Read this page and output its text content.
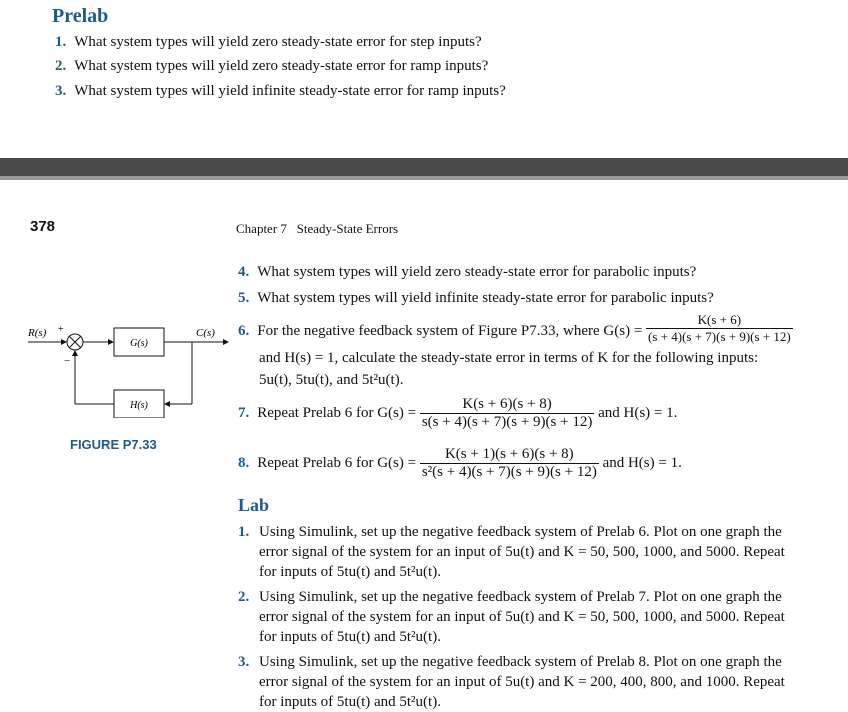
Prelab
1. What system types will yield zero steady-state error for step inputs?
2. What system types will yield zero steady-state error for ramp inputs?
3. What system types will yield infinite steady-state error for ramp inputs?
378	Chapter 7 Steady-State Errors
4. What system types will yield zero steady-state error for parabolic inputs?
5. What system types will yield infinite steady-state error for parabolic inputs?
6. For the negative feedback system of Figure P7.33, where $G(s) = \frac{K(s + 6)}{(s + 4)(s + 7)(s + 9)(s + 12)}$
and H(s) = 1, calculate the steady-state error in terms of K for the following inputs:
5u(t), 5tu(t), and 5t²u(t).
7. Repeat Prelab 6 for $G(s) = \frac{K(s + 6)(s + 8)}{s(s + 4)(s + 7)(s + 9)(s + 12)}$ and H(s) = 1.
8. Repeat Prelab 6 for $G(s) = \frac{K(s + 1)(s + 6)(s + 8)}{\text{s²(s + 4)(s + 7)(s + 9)(s + 12)}}$ and H(s) = 1.
R(s) +
−
G(s)
C(s)
H(s)
FIGURE P7.33
Lab
1. Using Simulink, set up the negative feedback system of Prelab 6. Plot on one graph the
error signal of the system for an input of 5u(t) and K = 50, 500, 1000, and 5000. Repeat
for inputs of 5tu(t) and 5t²u(t).
2. Using Simulink, set up the negative feedback system of Prelab 7. Plot on one graph the
error signal of the system for an input of 5u(t) and K = 50, 500, 1000, and 5000. Repeat
for inputs of 5tu(t) and 5t²u(t).
3. Using Simulink, set up the negative feedback system of Prelab 8. Plot on one graph the
error signal of the system for an input of 5u(t) and K = 200, 400, 800, and 1000. Repeat
for inputs of 5tu(t) and 5t²u(t).
